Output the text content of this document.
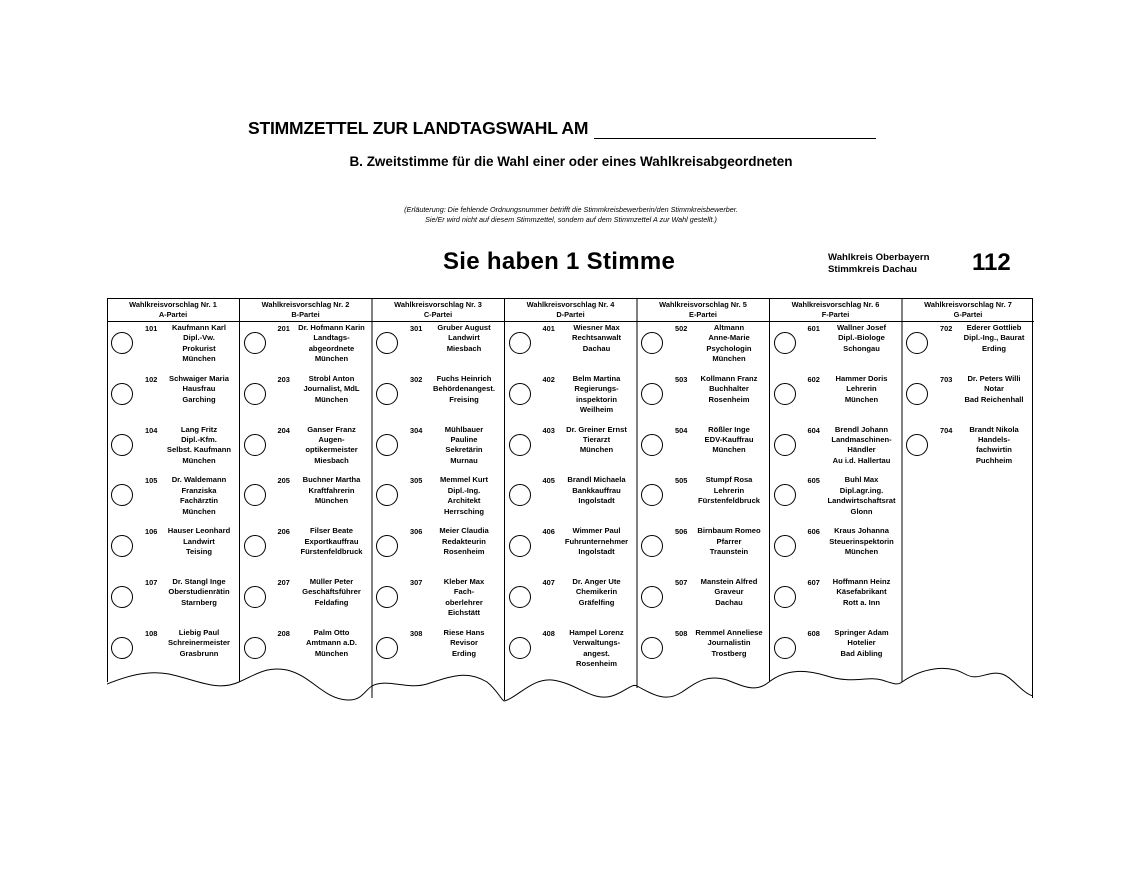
STIMMZETTEL ZUR LANDTAGSWAHL AM
B. Zweitstimme für die Wahl einer oder eines Wahlkreisabgeordneten
(Erläuterung: Die fehlende Ordnungsnummer betrifft die Stimmkreisbewerberin/den Stimmkreisbewerber.
Sie/Er wird nicht auf diesem Stimmzettel, sondern auf dem Stimmzettel A zur Wahl gestellt.)
Sie haben 1 Stimme	Wahlkreis Oberbayern
Stimmkreis Dachau	112
Wahlkreisvorschlag Nr. 1
A-Partei
101	Kaufmann Karl
Dipl.-Vw.
Prokurist
München
102	Schwaiger Maria
Hausfrau
Garching
104	Lang Fritz
Dipl.-Kfm.
Selbst. Kaufmann
München
105	Dr. Waldemann
Franziska
Fachärztin
München
106	Hauser Leonhard
Landwirt
Teising
107	Dr. Stangl Inge
Oberstudienrätin
Starnberg
108	Liebig Paul
Schreinermeister
Grasbrunn
Wahlkreisvorschlag Nr. 2
B-Partei
201	Dr. Hofmann Karin
Landtags-
abgeordnete
München
203	Strobl Anton
Journalist, MdL
München
204	Ganser Franz
Augen-
optikermeister
Miesbach
205	Buchner Martha
Kraftfahrerin
München
206	Filser Beate
Exportkauffrau
Fürstenfeldbruck
207	Müller Peter
Geschäftsführer
Feldafing
208	Palm Otto
Amtmann a.D.
München
Wahlkreisvorschlag Nr. 3
C-Partei
301	Gruber August
Landwirt
Miesbach
302	Fuchs Heinrich
Behördenangest.
Freising
304	Mühlbauer
Pauline
Sekretärin
Murnau
305	Memmel Kurt
Dipl.-Ing.
Architekt
Herrsching
306	Meier Claudia
Redakteurin
Rosenheim
307	Kleber Max
Fach-
oberlehrer
Eichstätt
308	Riese Hans
Revisor
Erding
Wahlkreisvorschlag Nr. 4
D-Partei
401	Wiesner Max
Rechtsanwalt
Dachau
402	Belm Martina
Regierungs-
inspektorin
Weilheim
403	Dr. Greiner Ernst
Tierarzt
München
405	Brandl Michaela
Bankkauffrau
Ingolstadt
406	Wimmer Paul
Fuhrunternehmer
Ingolstadt
407	Dr. Anger Ute
Chemikerin
Gräfelfing
408	Hampel Lorenz
Verwaltungs-
angest.
Rosenheim
Wahlkreisvorschlag Nr. 5
E-Partei
502	Altmann
Anne-Marie
Psychologin
München
503	Kollmann Franz
Buchhalter
Rosenheim
504	Rößler Inge
EDV-Kauffrau
München
505	Stumpf Rosa
Lehrerin
Fürstenfeldbruck
506	Birnbaum Romeo
Pfarrer
Traunstein
507	Manstein Alfred
Graveur
Dachau
508	Remmel Anneliese
Journalistin
Trostberg
Wahlkreisvorschlag Nr. 6
F-Partei
601	Wallner Josef
Dipl.-Biologe
Schongau
602	Hammer Doris
Lehrerin
München
604	Brendl Johann
Landmaschinen-
Händler
Au i.d. Hallertau
605	Buhl Max
Dipl.agr.ing.
Landwirtschaftsrat
Glonn
606	Kraus Johanna
Steuerinspektorin
München
607	Hoffmann Heinz
Käsefabrikant
Rott a. Inn
608	Springer Adam
Hotelier
Bad Aibling
Wahlkreisvorschlag Nr. 7
G-Partei
702	Ederer Gottlieb
Dipl.-Ing., Baurat
Erding
703	Dr. Peters Willi
Notar
Bad Reichenhall
704	Brandt Nikola
Handels-
fachwirtin
Puchheim
